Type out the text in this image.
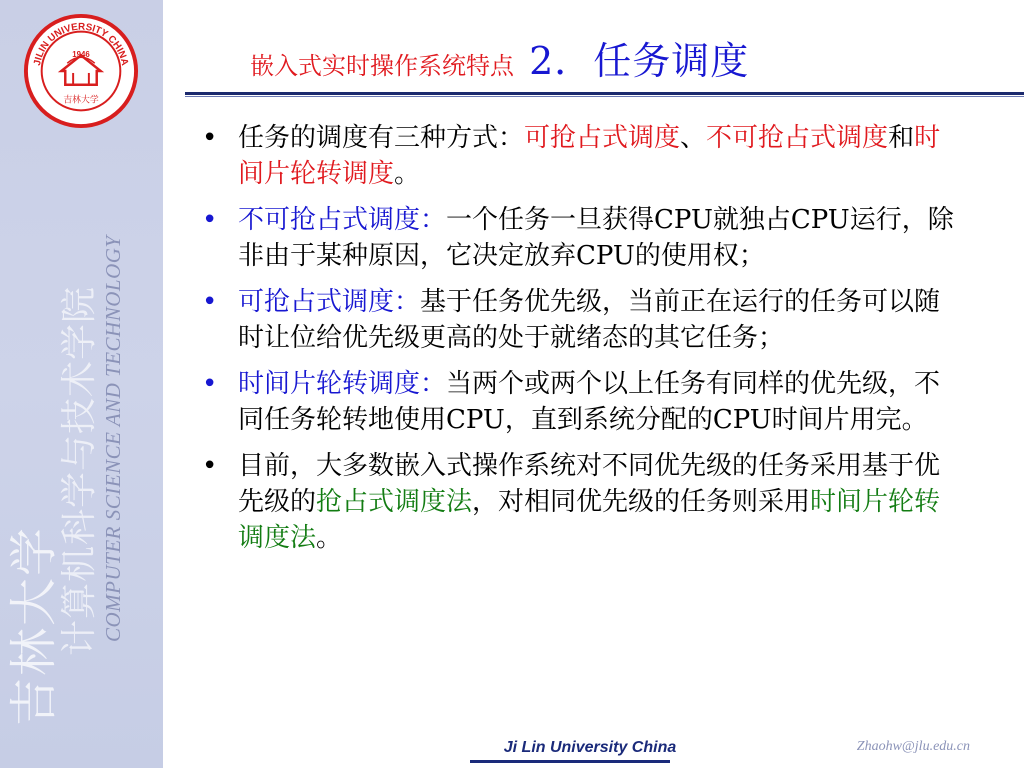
JILIN UNIVERSITY CHINA
1946
吉林大学
吉林大学
计算机科学与技术学院 COMPUTER SCIENCE AND TECHNOLOGY
嵌入式实时操作系统特点 2．任务调度
• 任务的调度有三种方式：可抢占式调度、不可抢占式调度和时间片轮转调度。
• 不可抢占式调度：一个任务一旦获得CPU就独占CPU运行，除非由于某种原因，它决定放弃CPU的使用权；
• 可抢占式调度：基于任务优先级，当前正在运行的任务可以随时让位给优先级更高的处于就绪态的其它任务；
• 时间片轮转调度：当两个或两个以上任务有同样的优先级，不同任务轮转地使用CPU，直到系统分配的CPU时间片用完。
• 目前，大多数嵌入式操作系统对不同优先级的任务采用基于优先级的抢占式调度法，对相同优先级的任务则采用时间片轮转调度法。
Ji Lin University China	Zhaohw@jlu.edu.cn
